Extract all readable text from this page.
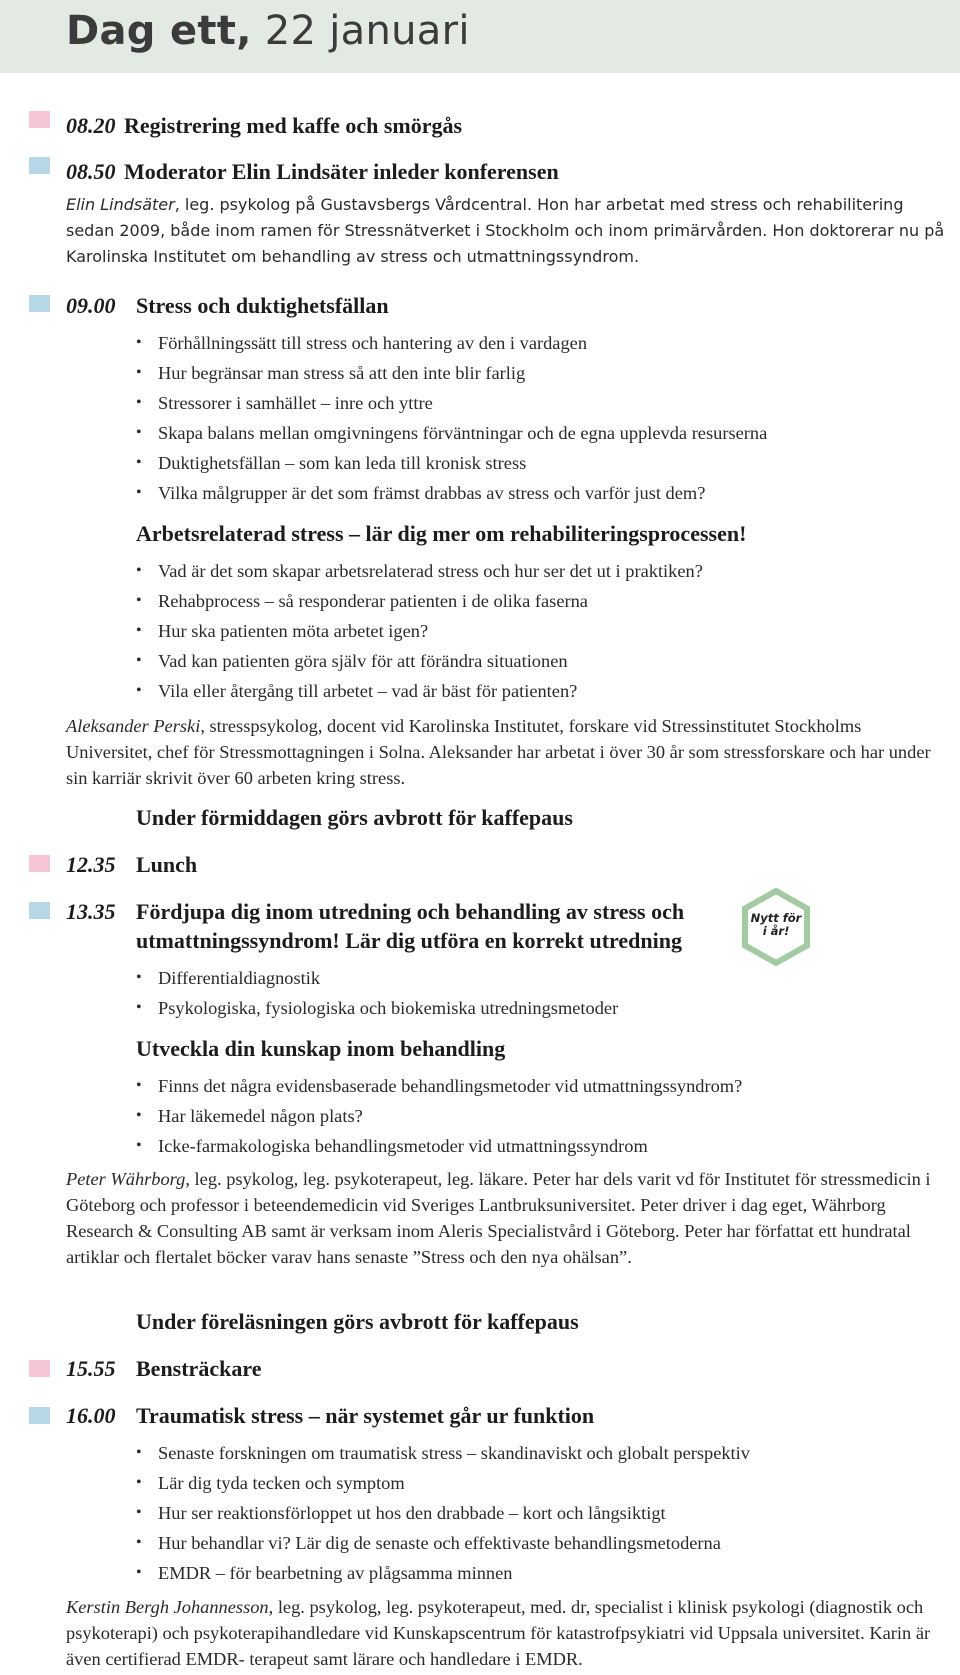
Dag ett, 22 januari
08.20 Registrering med kaffe och smörgås
08.50 Moderator Elin Lindsäter inleder konferensen

Elin Lindsäter, leg. psykolog på Gustavsbergs Vårdcentral. Hon har arbetat med stress och rehabilitering sedan 2009, både inom ramen för Stressnätverket i Stockholm och inom primärvården. Hon doktorerar nu på Karolinska Institutet om behandling av stress och utmattningssyndrom.

09.00 Stress och duktighetsfällan
• Förhållningssätt till stress och hantering av den i vardagen
• Hur begränsar man stress så att den inte blir farlig
• Stressorer i samhället – inre och yttre
• Skapa balans mellan omgivningens förväntningar och de egna upplevda resurserna
• Duktighetsfällan – som kan leda till kronisk stress
• Vilka målgrupper är det som främst drabbas av stress och varför just dem?
Arbetsrelaterad stress – lär dig mer om rehabiliteringsprocessen!
• Vad är det som skapar arbetsrelaterad stress och hur ser det ut i praktiken?
• Rehabprocess – så responderar patienten i de olika faserna
• Hur ska patienten möta arbetet igen?
• Vad kan patienten göra själv för att förändra situationen
• Vila eller återgång till arbetet – vad är bäst för patienten?

Aleksander Perski, stresspsykolog, docent vid Karolinska Institutet, forskare vid Stressinstitutet Stockholms Universitet, chef för Stressmottagningen i Solna. Aleksander har arbetat i över 30 år som stressforskare och har under sin karriär skrivit över 60 arbeten kring stress.

Under förmiddagen görs avbrott för kaffepaus
12.35 Lunch
13.35 Fördjupa dig inom utredning och behandling av stress och
utmattningssyndrom! Lär dig utföra en korrekt utredning
Nytt för
i år!
• Differentialdiagnostik
• Psykologiska, fysiologiska och biokemiska utredningsmetoder
Utveckla din kunskap inom behandling
• Finns det några evidensbaserade behandlingsmetoder vid utmattningssyndrom?
• Har läkemedel någon plats?
• Icke-farmakologiska behandlingsmetoder vid utmattningssyndrom

Peter Währborg, leg. psykolog, leg. psykoterapeut, leg. läkare. Peter har dels varit vd för Institutet för stressmedicin i Göteborg och professor i beteendemedicin vid Sveriges Lantbruksuniversitet. Peter driver i dag eget, Währborg Research & Consulting AB samt är verksam inom Aleris Specialistvård i Göteborg. Peter har författat ett hundratal artiklar och flertalet böcker varav hans senaste ”Stress och den nya ohälsan”.

Under föreläsningen görs avbrott för kaffepaus
15.55 Bensträckare
16.00 Traumatisk stress – när systemet går ur funktion
• Senaste forskningen om traumatisk stress – skandinaviskt och globalt perspektiv
• Lär dig tyda tecken och symptom
• Hur ser reaktionsförloppet ut hos den drabbade – kort och långsiktigt
• Hur behandlar vi? Lär dig de senaste och effektivaste behandlingsmetoderna
• EMDR – för bearbetning av plågsamma minnen

Kerstin Bergh Johannesson, leg. psykolog, leg. psykoterapeut, med. dr, specialist i klinisk psykologi (diagnostik och psykoterapi) och psykoterapihandledare vid Kunskapscentrum för katastrofpsykiatri vid Uppsala universitet. Karin är även certifierad EMDR- terapeut samt lärare och handledare i EMDR.
